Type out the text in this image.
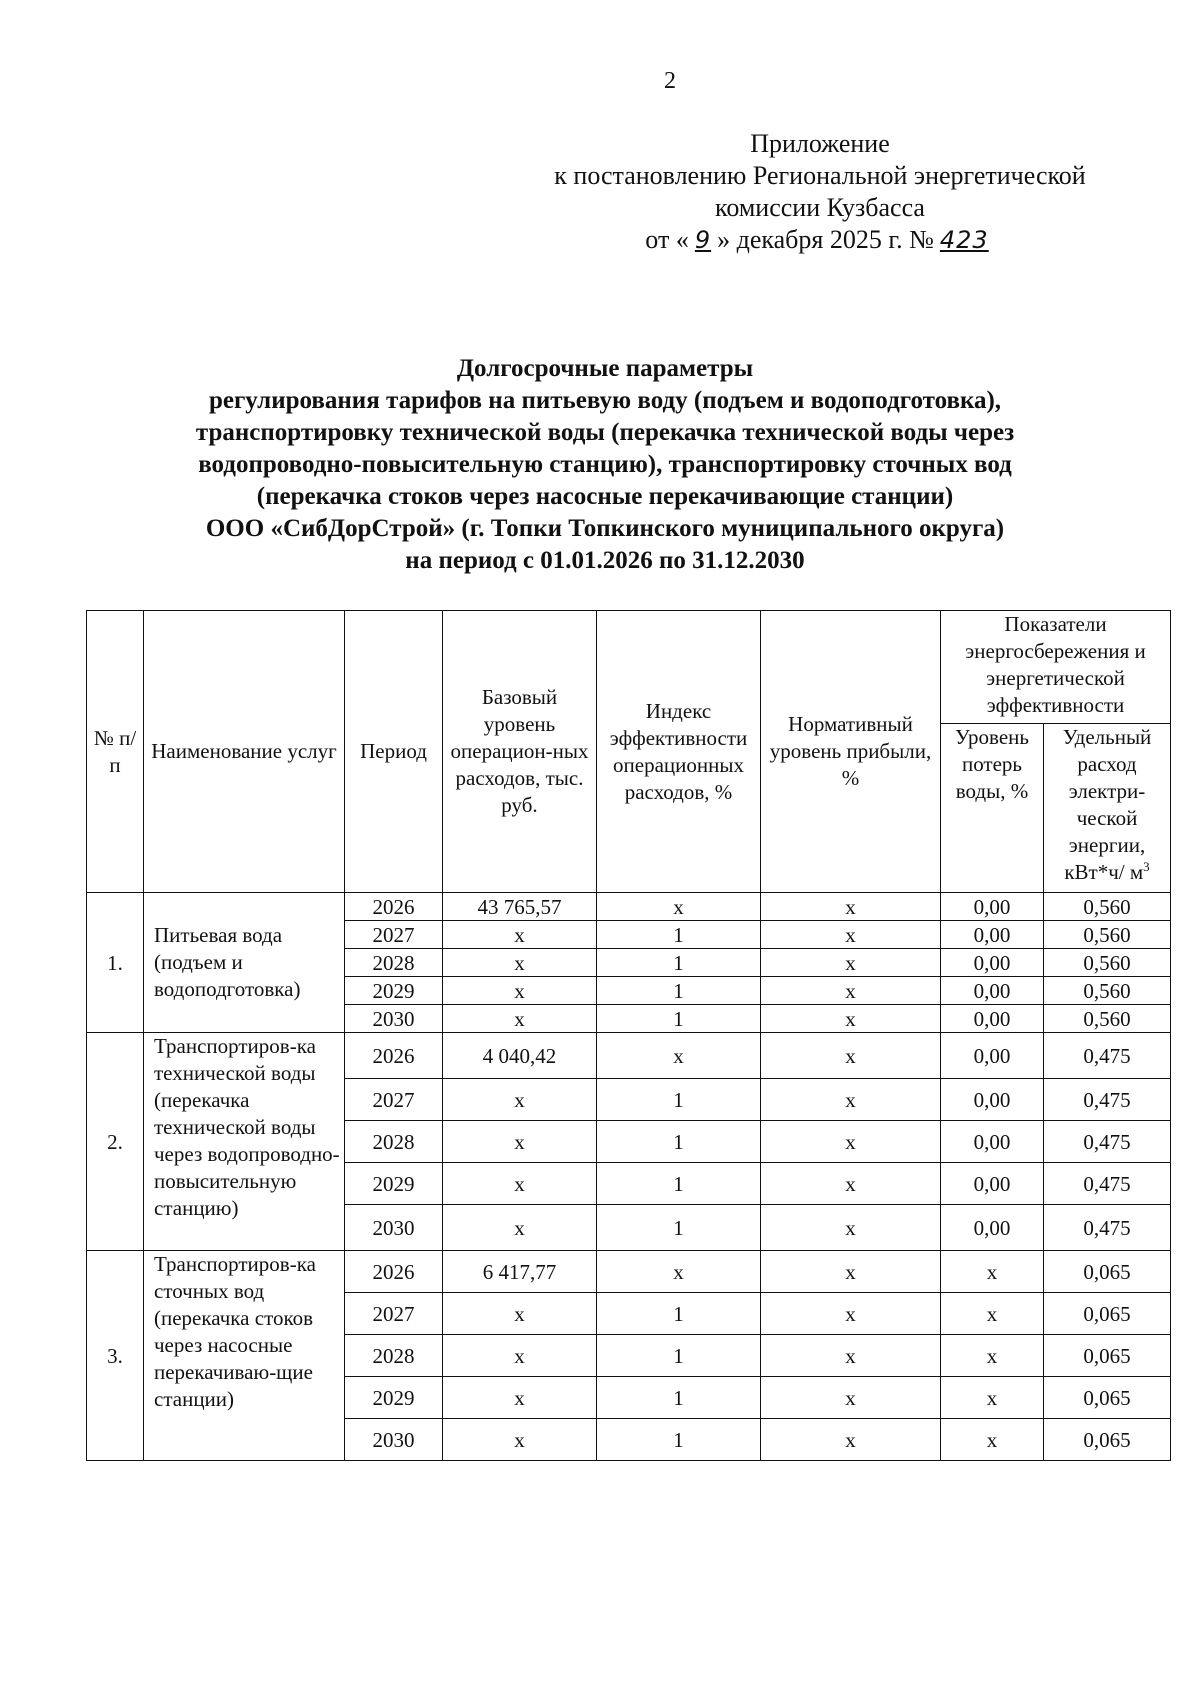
2
Приложение
к постановлению Региональной энергетической
комиссии Кузбасса
от « 9 » декабря 2025 г. № 423
Долгосрочные параметры
регулирования тарифов на питьевую воду (подъем и водоподготовка),
транспортировку технической воды (перекачка технической воды через
водопроводно-повысительную станцию), транспортировку сточных вод
(перекачка стоков через насосные перекачивающие станции)
ООО «СибДорСтрой» (г. Топки Топкинского муниципального округа)
на период с 01.01.2026 по 31.12.2030
№ п/п	Наименование услуг	Период	Базовый уровень операцион-ных расходов, тыс. руб.	Индекс эффективности операционных расходов, %	Нормативный уровень прибыли, %	Показатели энергосбережения и энергетической эффективности	
						Уровень потерь воды, %	Удельный расход электри-ческой энергии, кВт*ч/ $м^3$
1.	Питьевая вода (подъем и водоподготовка)	2026	43 765,57	х	х	0,00	0,560
		2027	х	1	х	0,00	0,560
		2028	х	1	х	0,00	0,560
		2029	х	1	х	0,00	0,560
		2030	х	1	х	0,00	0,560
2.	Транспортиров-ка технической воды (перекачка технической воды через водопроводно-повысительную станцию)	2026	4 040,42	х	х	0,00	0,475
		2027	х	1	х	0,00	0,475
		2028	х	1	х	0,00	0,475
		2029	х	1	х	0,00	0,475
		2030	х	1	х	0,00	0,475
3.	Транспортиров-ка сточных вод (перекачка стоков через насосные перекачиваю-щие станции)	2026	6 417,77	х	х	х	0,065
		2027	х	1	х	х	0,065
		2028	х	1	х	х	0,065
		2029	х	1	х	х	0,065
		2030	х	1	х	х	0,065
